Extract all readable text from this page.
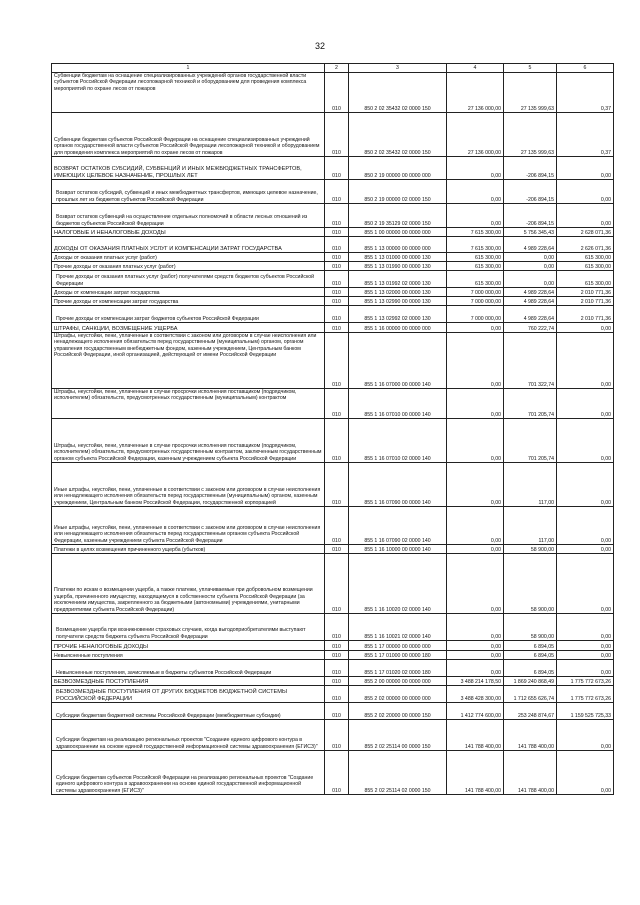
32
1	2	3	4	5	6
Субвенции бюджетам на оснащение специализированных учреждений органов государственной власти субъектов Российской Федерации лесопожарной техникой и оборудованием для проведения комплекса мероприятий по охране лесов от пожаров	010	850 2 02 35432 02 0000 150	27 136 000,00	27 135 999,63	0,37
Субвенции бюджетам субъектов Российской Федерации на оснащение специализированных учреждений органов государственной власти субъектов Российской Федерации лесопожарной техникой и оборудованием для проведения комплекса мероприятий по охране лесов от пожаров	010	850 2 02 35432 02 0000 150	27 136 000,00	27 135 999,63	0,37
ВОЗВРАТ ОСТАТКОВ СУБСИДИЙ, СУБВЕНЦИЙ И ИНЫХ МЕЖБЮДЖЕТНЫХ ТРАНСФЕРТОВ, ИМЕЮЩИХ ЦЕЛЕВОЕ НАЗНАЧЕНИЕ, ПРОШЛЫХ ЛЕТ	010	850 2 19 00000 00 0000 000	0,00	-206 894,15	0,00
Возврат остатков субсидий, субвенций и иных межбюджетных трансфертов, имеющих целевое назначение, прошлых лет из бюджетов субъектов Российской Федерации	010	850 2 19 00000 02 0000 150	0,00	-206 894,15	0,00
Возврат остатков субвенций на осуществление отдельных полномочий в области лесных отношений из бюджетов субъектов Российской Федерации	010	850 2 19 35129 02 0000 150	0,00	-206 894,15	0,00
НАЛОГОВЫЕ И НЕНАЛОГОВЫЕ ДОХОДЫ	010	855 1 00 00000 00 0000 000	7 615 300,00	5 756 345,43	2 628 071,36
ДОХОДЫ ОТ ОКАЗАНИЯ ПЛАТНЫХ УСЛУГ И КОМПЕНСАЦИИ ЗАТРАТ ГОСУДАРСТВА	010	855 1 13 00000 00 0000 000	7 615 300,00	4 989 228,64	2 626 071,36
Доходы от оказания платных услуг (работ)	010	855 1 13 01000 00 0000 130	615 300,00	0,00	615 300,00
Прочие доходы от оказания платных услуг (работ)	010	855 1 13 01990 00 0000 130	615 300,00	0,00	615 300,00
Прочие доходы от оказания платных услуг (работ) получателями средств бюджетов субъектов Российской Федерации	010	855 1 13 01992 02 0000 130	615 300,00	0,00	615 300,00
Доходы от компенсации затрат государства	010	855 1 13 02000 00 0000 130	7 000 000,00	4 989 228,64	2 010 771,36
Прочие доходы от компенсации затрат государства	010	855 1 13 02990 00 0000 130	7 000 000,00	4 989 228,64	2 010 771,36
Прочие доходы от компенсации затрат бюджетов субъектов Российской Федерации	010	855 1 13 02992 02 0000 130	7 000 000,00	4 989 228,64	2 010 771,36
ШТРАФЫ, САНКЦИИ, ВОЗМЕЩЕНИЕ УЩЕРБА	010	855 1 16 00000 00 0000 000	0,00	760 222,74	0,00
Штрафы, неустойки, пени, уплаченные в соответствии с законом или договором в случае неисполнения или ненадлежащего исполнения обязательств перед государственным (муниципальным) органом, органом управления государственным внебюджетным фондом, казенным учреждением, Центральным банком Российской Федерации, иной организацией, действующей от имени Российской Федерации	010	855 1 16 07000 00 0000 140	0,00	701 322,74	0,00
Штрафы, неустойки, пени, уплаченные в случае просрочки исполнения поставщиком (подрядчиком, исполнителем) обязательств, предусмотренных государственным (муниципальным) контрактом	010	855 1 16 07010 00 0000 140	0,00	701 205,74	0,00
Штрафы, неустойки, пени, уплаченные в случае просрочки исполнения поставщиком (подрядчиком, исполнителем) обязательств, предусмотренных государственным контрактом, заключенным государственным органом субъекта Российской Федерации, казенным учреждением субъекта Российской Федерации	010	855 1 16 07010 02 0000 140	0,00	701 205,74	0,00
Иные штрафы, неустойки, пени, уплаченные в соответствии с законом или договором в случае неисполнения или ненадлежащего исполнения обязательств перед государственным (муниципальным) органом, казенным учреждением, Центральным банком Российской Федерации, государственной корпорацией	010	855 1 16 07090 00 0000 140	0,00	117,00	0,00
Иные штрафы, неустойки, пени, уплаченные в соответствии с законом или договором в случае неисполнения или ненадлежащего исполнения обязательств перед государственным органом субъекта Российской Федерации, казенным учреждением субъекта Российской Федерации	010	855 1 16 07090 02 0000 140	0,00	117,00	0,00
Платежи в целях возмещения причиненного ущерба (убытков)	010	855 1 16 10000 00 0000 140	0,00	58 900,00	0,00
Платежи по искам о возмещении ущерба, а также платежи, уплачиваемые при добровольном возмещении ущерба, причиненного имуществу, находящемуся в собственности субъекта Российской Федерации (за исключением имущества, закрепленного за бюджетными (автономными) учреждениями, унитарными предприятиями субъекта Российской Федерации)	010	855 1 16 10020 02 0000 140	0,00	58 900,00	0,00
Возмещение ущерба при возникновении страховых случаев, когда выгодоприобретателями выступают получатели средств бюджета субъекта Российской Федерации	010	855 1 16 10021 02 0000 140	0,00	58 900,00	0,00
ПРОЧИЕ НЕНАЛОГОВЫЕ ДОХОДЫ	010	855 1 17 00000 00 0000 000	0,00	6 894,05	0,00
Невыясненные поступления	010	855 1 17 01000 00 0000 180	0,00	6 894,05	0,00
Невыясненные поступления, зачисляемые в бюджеты субъектов Российской Федерации	010	855 1 17 01020 02 0000 180	0,00	6 894,05	0,00
БЕЗВОЗМЕЗДНЫЕ ПОСТУПЛЕНИЯ	010	855 2 00 00000 00 0000 000	3 488 214 178,50	1 869 240 868,49	1 775 772 673,26
БЕЗВОЗМЕЗДНЫЕ ПОСТУПЛЕНИЯ ОТ ДРУГИХ БЮДЖЕТОВ БЮДЖЕТНОЙ СИСТЕМЫ РОССИЙСКОЙ ФЕДЕРАЦИИ	010	855 2 02 00000 00 0000 000	3 488 428 300,00	1 712 655 626,74	1 775 772 673,26
Субсидии бюджетам бюджетной системы Российской Федерации (межбюджетные субсидии)	010	855 2 02 20000 00 0000 150	1 412 774 600,00	253 248 874,67	1 159 525 725,33
Субсидии бюджетам на реализацию региональных проектов "Создание единого цифрового контура в здравоохранении на основе единой государственной информационной системы здравоохранения (ЕГИСЗ)"	010	855 2 02 25114 00 0000 150	141 788 400,00	141 788 400,00	0,00
Субсидии бюджетам субъектов Российской Федерации на реализацию региональных проектов "Создание единого цифрового контура в здравоохранении на основе единой государственной информационной системы здравоохранения (ЕГИСЗ)"	010	855 2 02 25114 02 0000 150	141 788 400,00	141 788 400,00	0,00
